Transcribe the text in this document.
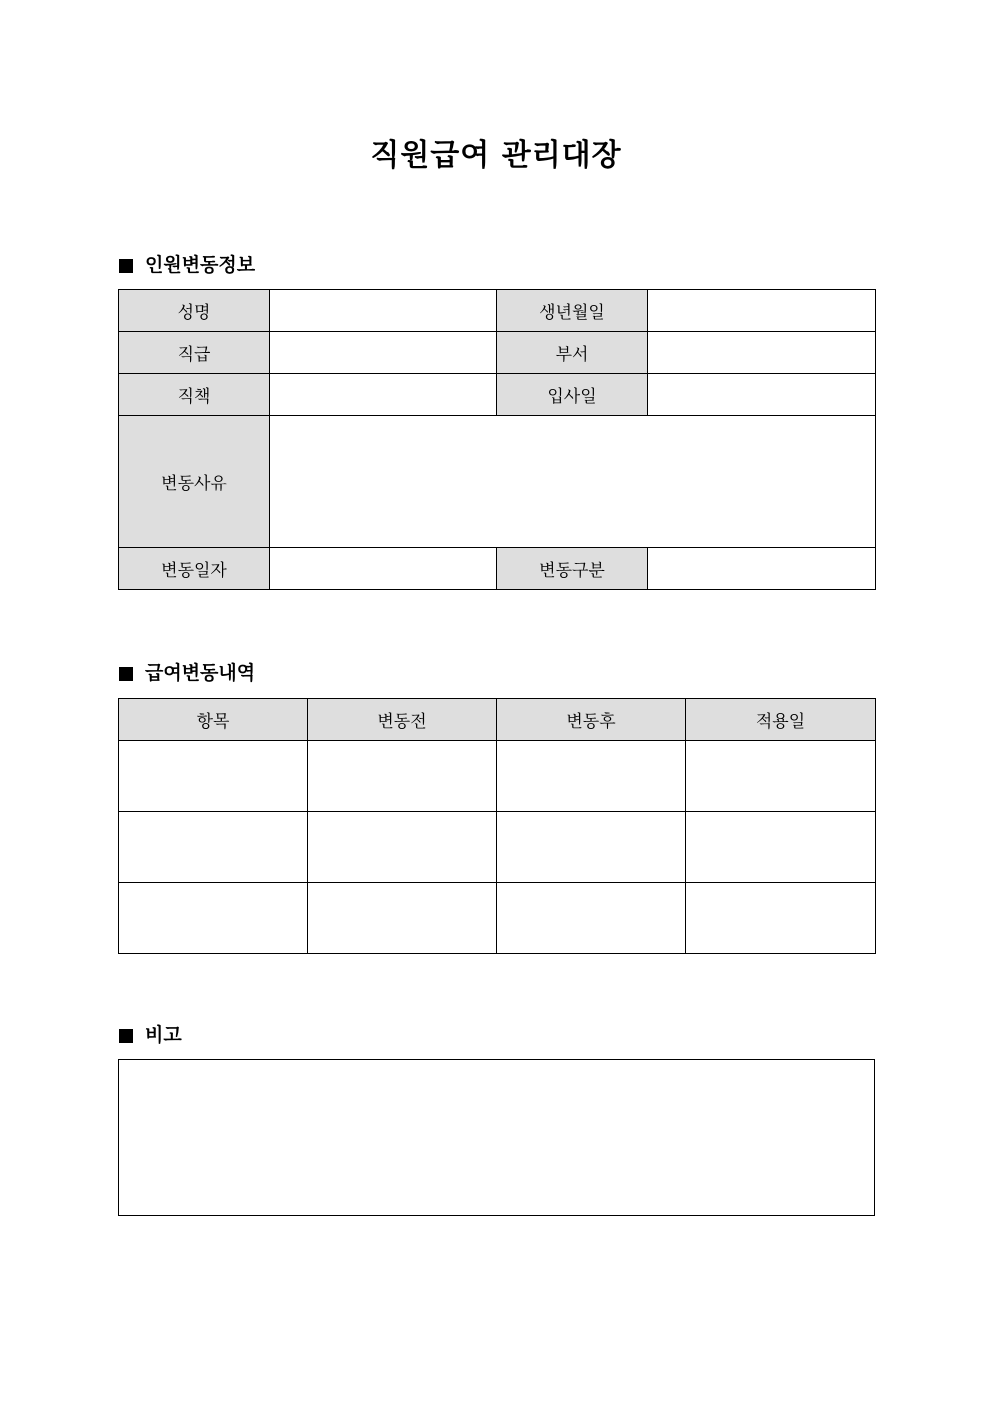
직원급여 관리대장
인원변동정보
성명		생년월일	
직급		부서	
직책		입사일	
변동사유			
변동일자		변동구분	
급여변동내역
항목	변동전	변동후	적용일

비고
